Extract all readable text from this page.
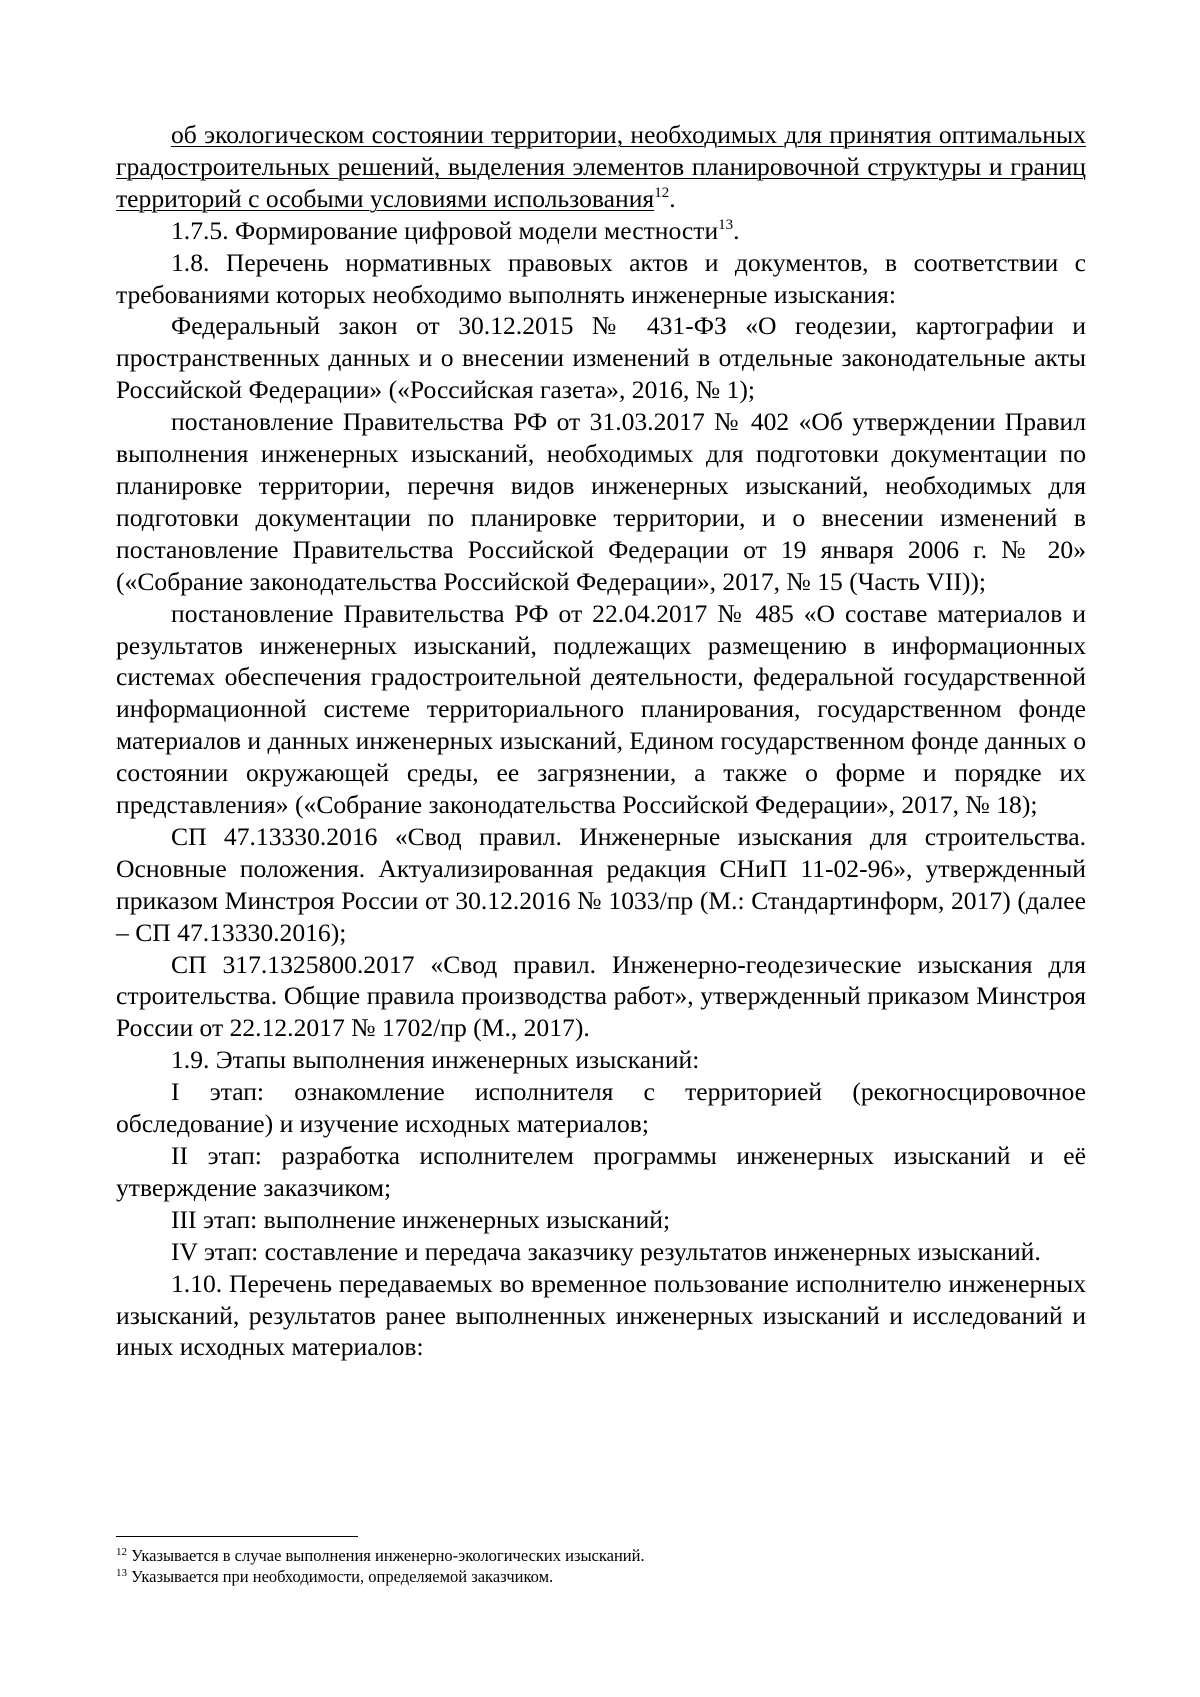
об экологическом состоянии территории, необходимых для принятия оптимальных градостроительных решений, выделения элементов планировочной структуры и границ территорий с особыми условиями использования$^{12}$.

1.7.5. Формирование цифровой модели местности$^{13}$.

1.8. Перечень нормативных правовых актов и документов, в соответствии с требованиями которых необходимо выполнять инженерные изыскания:

Федеральный закон от 30.12.2015 № 431-ФЗ «О геодезии, картографии и пространственных данных и о внесении изменений в отдельные законодательные акты Российской Федерации» («Российская газета», 2016, № 1);

постановление Правительства РФ от 31.03.2017 № 402 «Об утверждении Правил выполнения инженерных изысканий, необходимых для подготовки документации по планировке территории, перечня видов инженерных изысканий, необходимых для подготовки документации по планировке территории, и о внесении изменений в постановление Правительства Российской Федерации от 19 января 2006 г. № 20» («Собрание законодательства Российской Федерации», 2017, № 15 (Часть VII));

постановление Правительства РФ от 22.04.2017 № 485 «О составе материалов и результатов инженерных изысканий, подлежащих размещению в информационных системах обеспечения градостроительной деятельности, федеральной государственной информационной системе территориального планирования, государственном фонде материалов и данных инженерных изысканий, Едином государственном фонде данных о состоянии окружающей среды, ее загрязнении, а также о форме и порядке их представления» («Собрание законодательства Российской Федерации», 2017, № 18);

СП 47.13330.2016 «Свод правил. Инженерные изыскания для строительства. Основные положения. Актуализированная редакция СНиП 11-02-96», утвержденный приказом Минстроя России от 30.12.2016 № 1033/пр (М.: Стандартинформ, 2017) (далее – СП 47.13330.2016);

СП 317.1325800.2017 «Свод правил. Инженерно-геодезические изыскания для строительства. Общие правила производства работ», утвержденный приказом Минстроя России от 22.12.2017 № 1702/пр (М., 2017).

1.9. Этапы выполнения инженерных изысканий:

I этап: ознакомление исполнителя с территорией (рекогносцировочное обследование) и изучение исходных материалов;

II этап: разработка исполнителем программы инженерных изысканий и её утверждение заказчиком;

III этап: выполнение инженерных изысканий;

IV этап: составление и передача заказчику результатов инженерных изысканий.

1.10. Перечень передаваемых во временное пользование исполнителю инженерных изысканий, результатов ранее выполненных инженерных изысканий и исследований и иных исходных материалов:

$^{12}$ Указывается в случае выполнения инженерно-экологических изысканий.

$^{13}$ Указывается при необходимости, определяемой заказчиком.
